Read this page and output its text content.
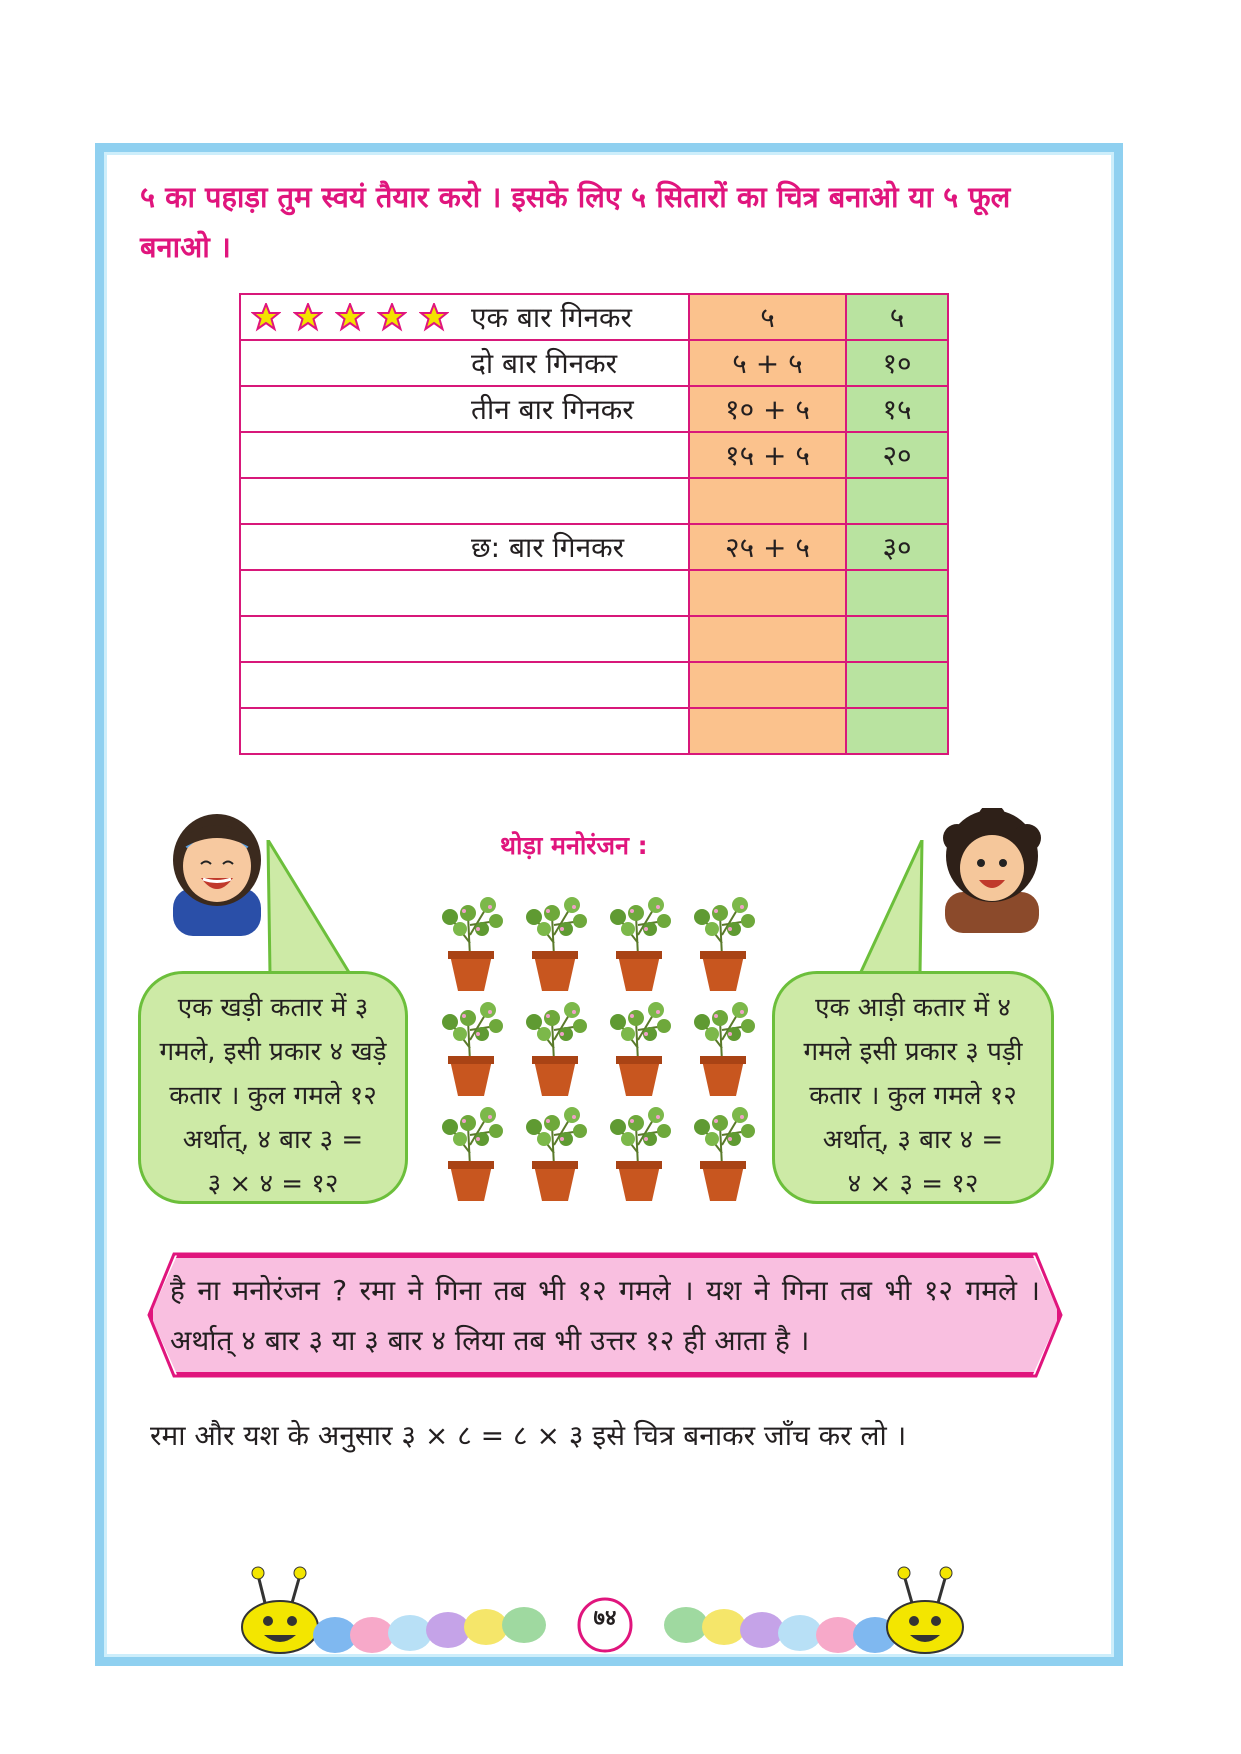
५ का पहाड़ा तुम स्वयं तैयार करो । इसके लिए ५ सितारों का चित्र बनाओ या ५ फूल बनाओ ।
एक बार गिनकर	५	५

दो बार गिनकर	५ + ५	१०

तीन बार गिनकर	१० + ५	१५

	१५ + ५	२०

छ: बार गिनकर	२५ + ५	३०

थोड़ा मनोरंजन :
एक खड़ी कतार में ३
गमले, इसी प्रकार ४ खड़े
कतार । कुल गमले १२
अर्थात्, ४ बार ३ =
३ × ४ = १२
एक आड़ी कतार में ४
गमले इसी प्रकार ३ पड़ी
कतार । कुल गमले १२
अर्थात्, ३ बार ४ =
४ × ३ = १२
है ना मनोरंजन ? रमा ने गिना तब भी १२ गमले । यश ने गिना तब भी १२ गमले । अर्थात् ४ बार ३ या ३ बार ४ लिया तब भी उत्तर १२ ही आता है ।
रमा और यश के अनुसार ३ × ८ = ८ × ३ इसे चित्र बनाकर जाँच कर लो ।
७४
